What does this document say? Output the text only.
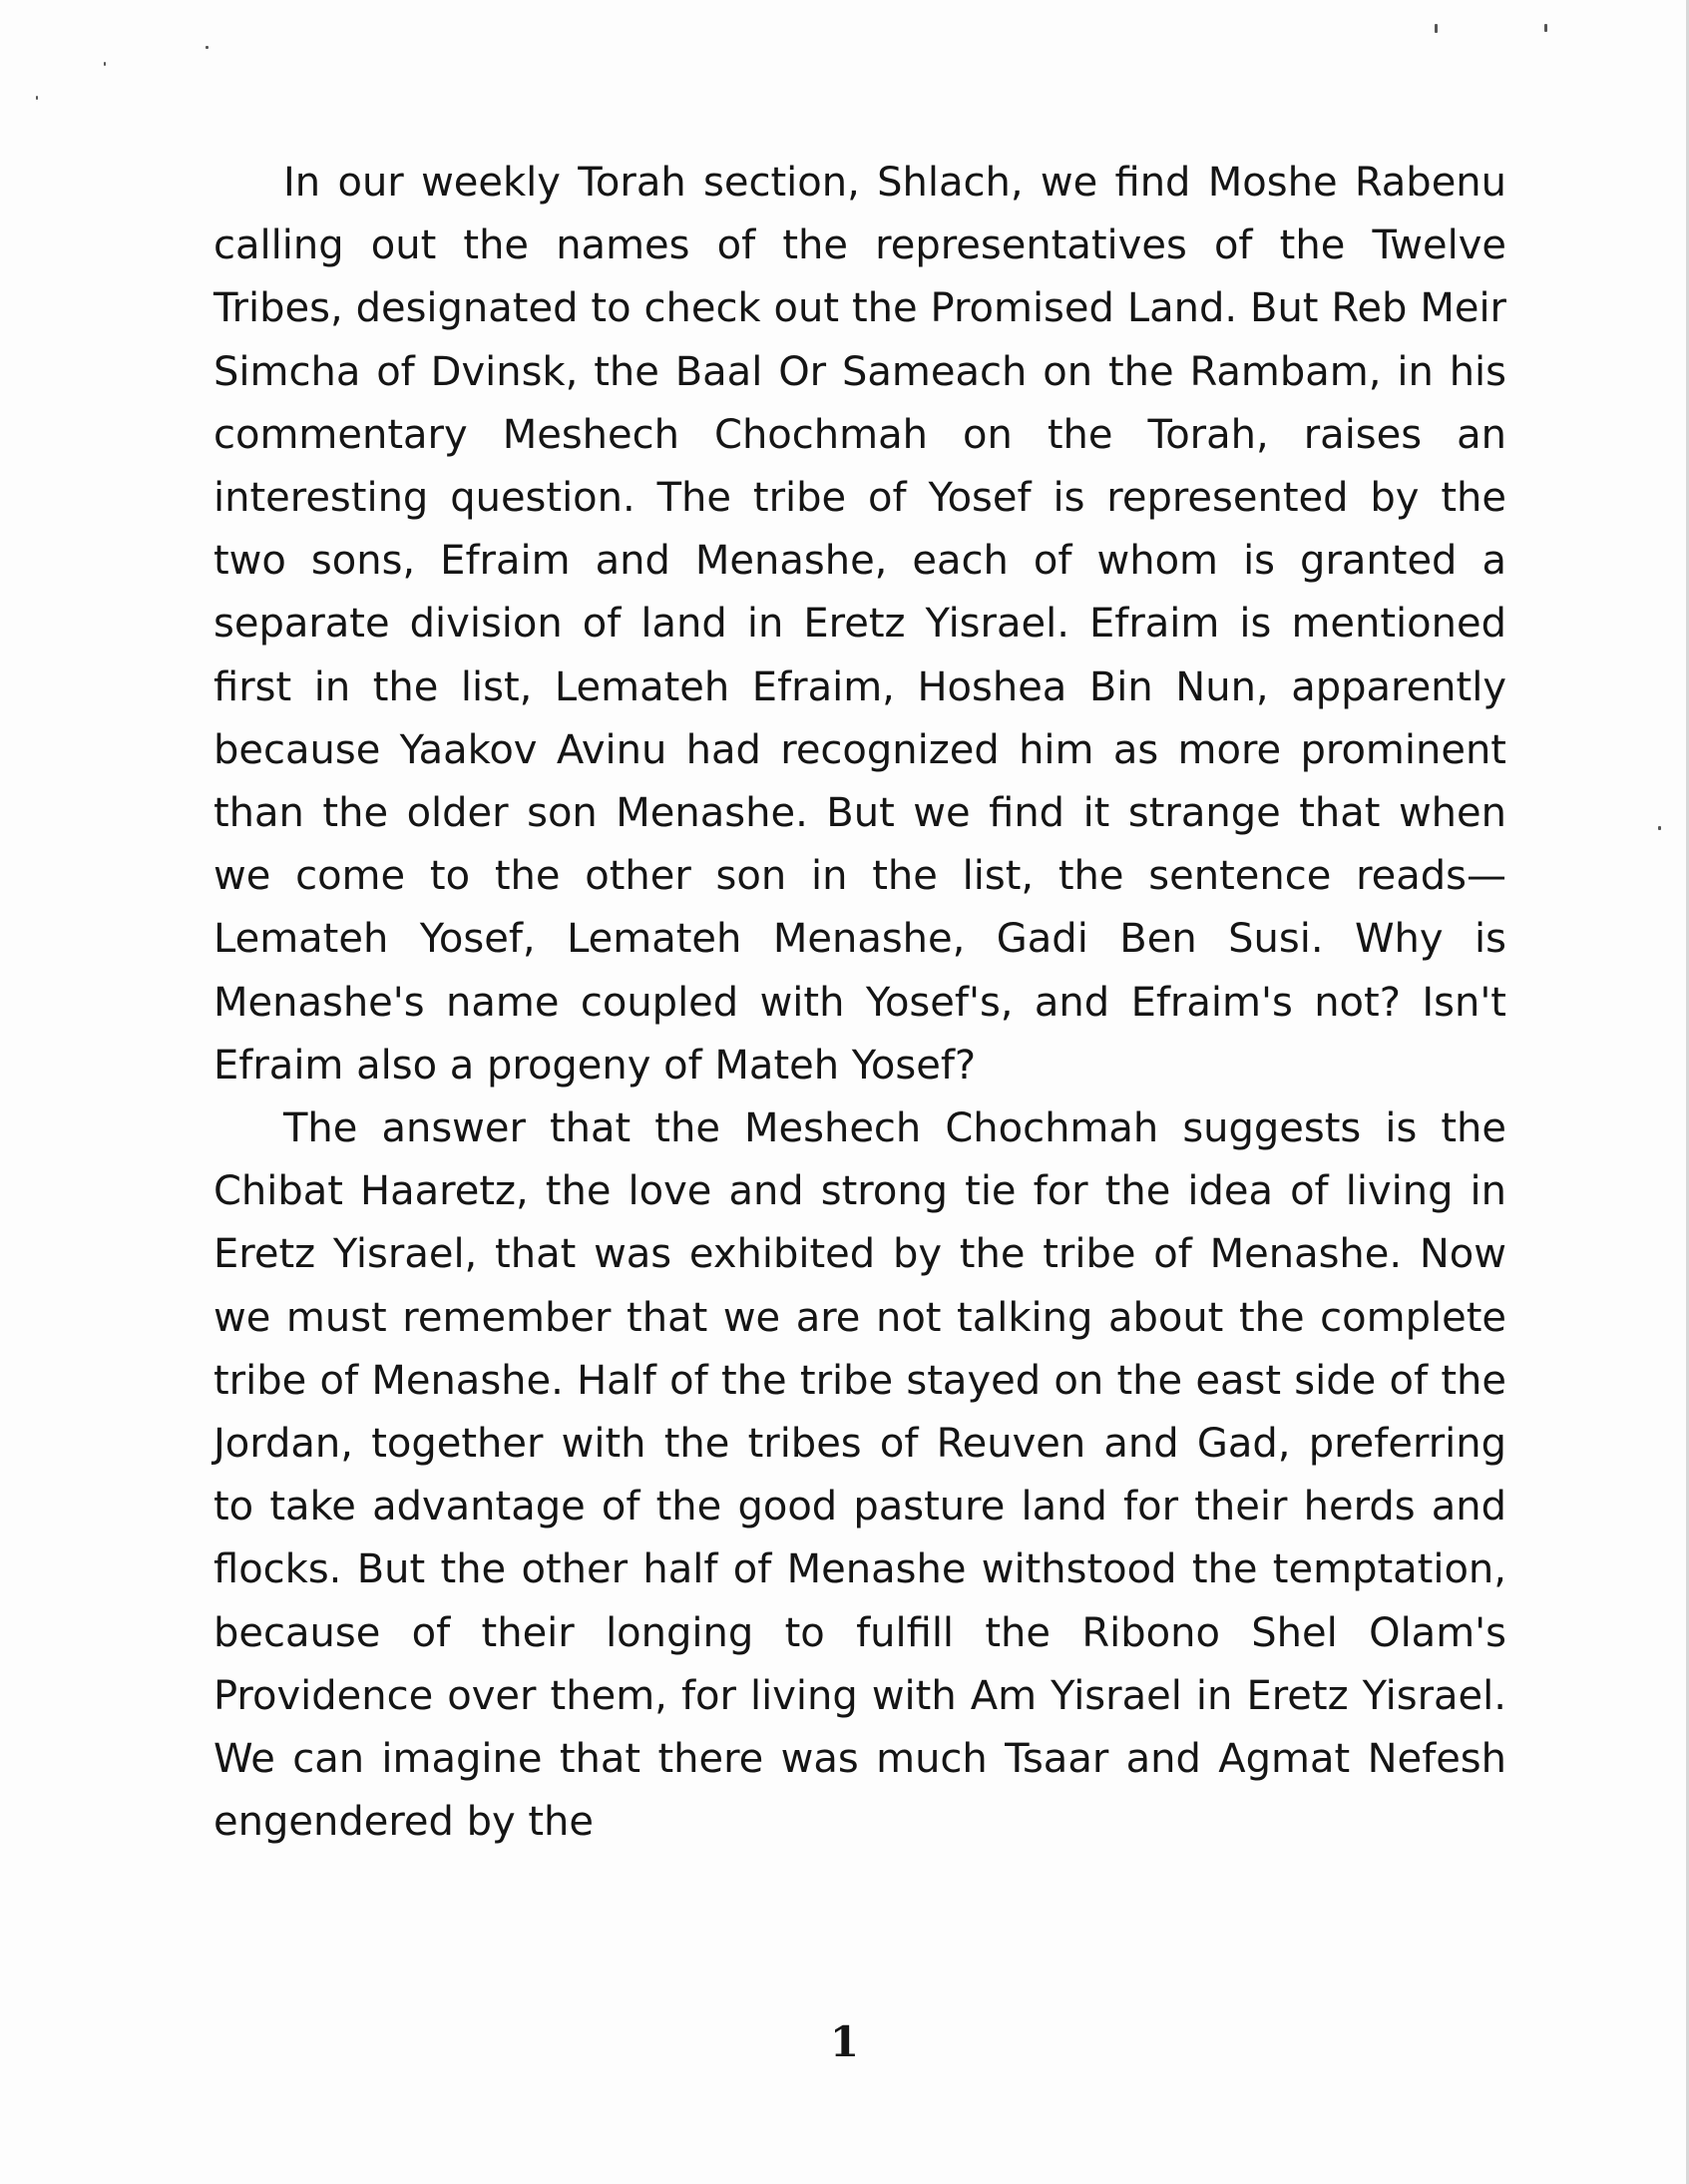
In our weekly Torah section, Shlach, we find Moshe Rabenu calling out the names of the representatives of the Twelve Tribes, designated to check out the Promised Land. But Reb Meir Simcha of Dvinsk, the Baal Or Sameach on the Rambam, in his commentary Meshech Chochmah on the Torah, raises an interesting question. The tribe of Yosef is represented by the two sons, Efraim and Menashe, each of whom is granted a separate division of land in Eretz Yisrael. Efraim is mentioned first in the list, Lemateh Efraim, Hoshea Bin Nun, apparently because Yaakov Avinu had recognized him as more prominent than the older son Menashe. But we find it strange that when we come to the other son in the list, the sentence reads— Lemateh Yosef, Lemateh Menashe, Gadi Ben Susi. Why is Menashe's name coupled with Yosef's, and Efraim's not? Isn't Efraim also a progeny of Mateh Yosef?

The answer that the Meshech Chochmah suggests is the Chibat Haaretz, the love and strong tie for the idea of living in Eretz Yisrael, that was exhibited by the tribe of Menashe. Now we must remember that we are not talking about the complete tribe of Menashe. Half of the tribe stayed on the east side of the Jordan, together with the tribes of Reuven and Gad, preferring to take advantage of the good pasture land for their herds and flocks. But the other half of Menashe withstood the temptation, because of their longing to fulfill the Ribono Shel Olam's Providence over them, for living with Am Yisrael in Eretz Yisrael. We can imagine that there was much Tsaar and Agmat Nefesh engendered by the

1
